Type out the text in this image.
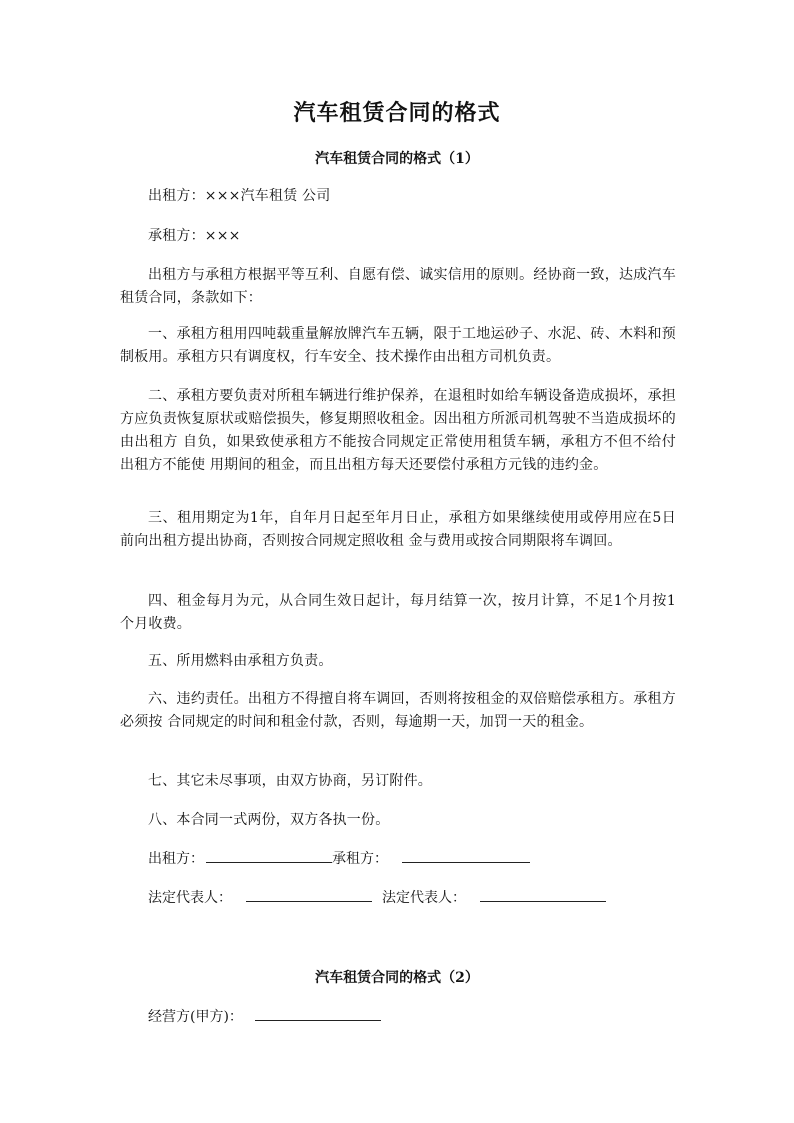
汽车租赁合同的格式
汽车租赁合同的格式（1）
出租方：×××汽车租赁 公司
承租方：×××
出租方与承租方根据平等互利、自愿有偿、诚实信用的原则。经协商一致，达成汽车租赁合同，条款如下：
一、承租方租用四吨载重量解放牌汽车五辆，限于工地运砂子、水泥、砖、木料和预制板用。承租方只有调度权，行车安全、技术操作由出租方司机负责。
二、承租方要负责对所租车辆进行维护保养，在退租时如给车辆设备造成损坏，承担方应负责恢复原状或赔偿损失，修复期照收租金。因出租方所派司机驾驶不当造成损坏的由出租方 自负，如果致使承租方不能按合同规定正常使用租赁车辆，承租方不但不给付出租方不能使 用期间的租金，而且出租方每天还要偿付承租方元钱的违约金。
三、租用期定为1年，自年月日起至年月日止，承租方如果继续使用或停用应在5日前向出租方提出协商，否则按合同规定照收租 金与费用或按合同期限将车调回。
四、租金每月为元，从合同生效日起计，每月结算一次，按月计算，不足1个月按1 个月收费。
五、所用燃料由承租方负责。
六、违约责任。出租方不得擅自将车调回，否则将按租金的双倍赔偿承租方。承租方必须按 合同规定的时间和租金付款，否则，每逾期一天，加罚一天的租金。
七、其它未尽事项，由双方协商，另订附件。
八、本合同一式两份，双方各执一份。
出租方：	承租方：
法定代表人：	法定代表人：
汽车租赁合同的格式（2）
经营方(甲方)：
